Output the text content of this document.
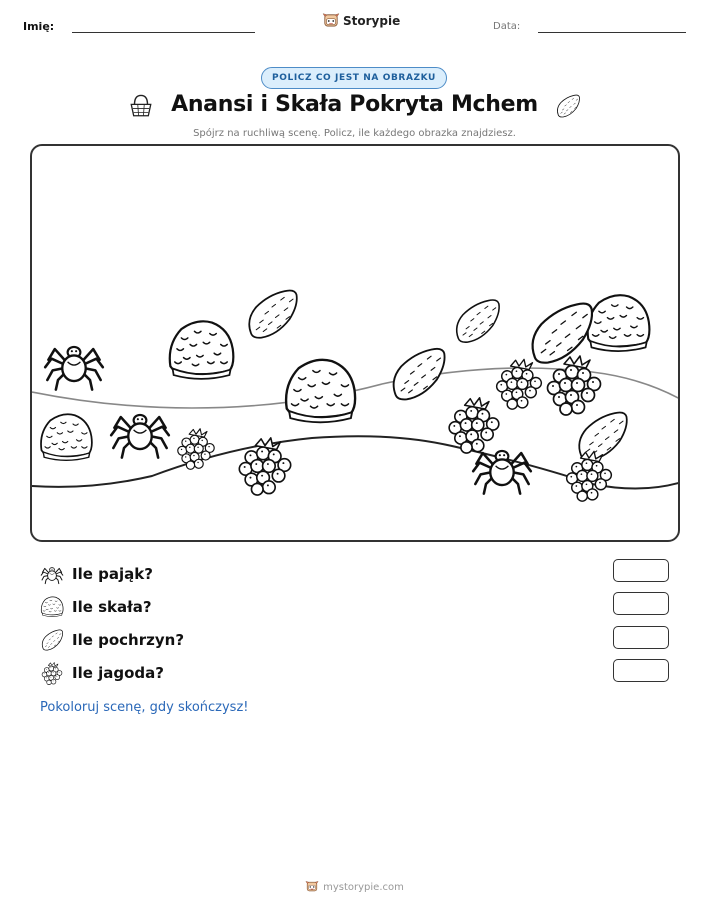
Imię:	Storypie	Data:
POLICZ CO JEST NA OBRAZKU
Anansi i Skała Pokryta Mchem
Spójrz na ruchliwą scenę. Policz, ile każdego obrazka znajdziesz.
Ile pająk?
Ile skała?
Ile pochrzyn?
Ile jagoda?
Pokoloruj scenę, gdy skończysz!
mystorypie.com
